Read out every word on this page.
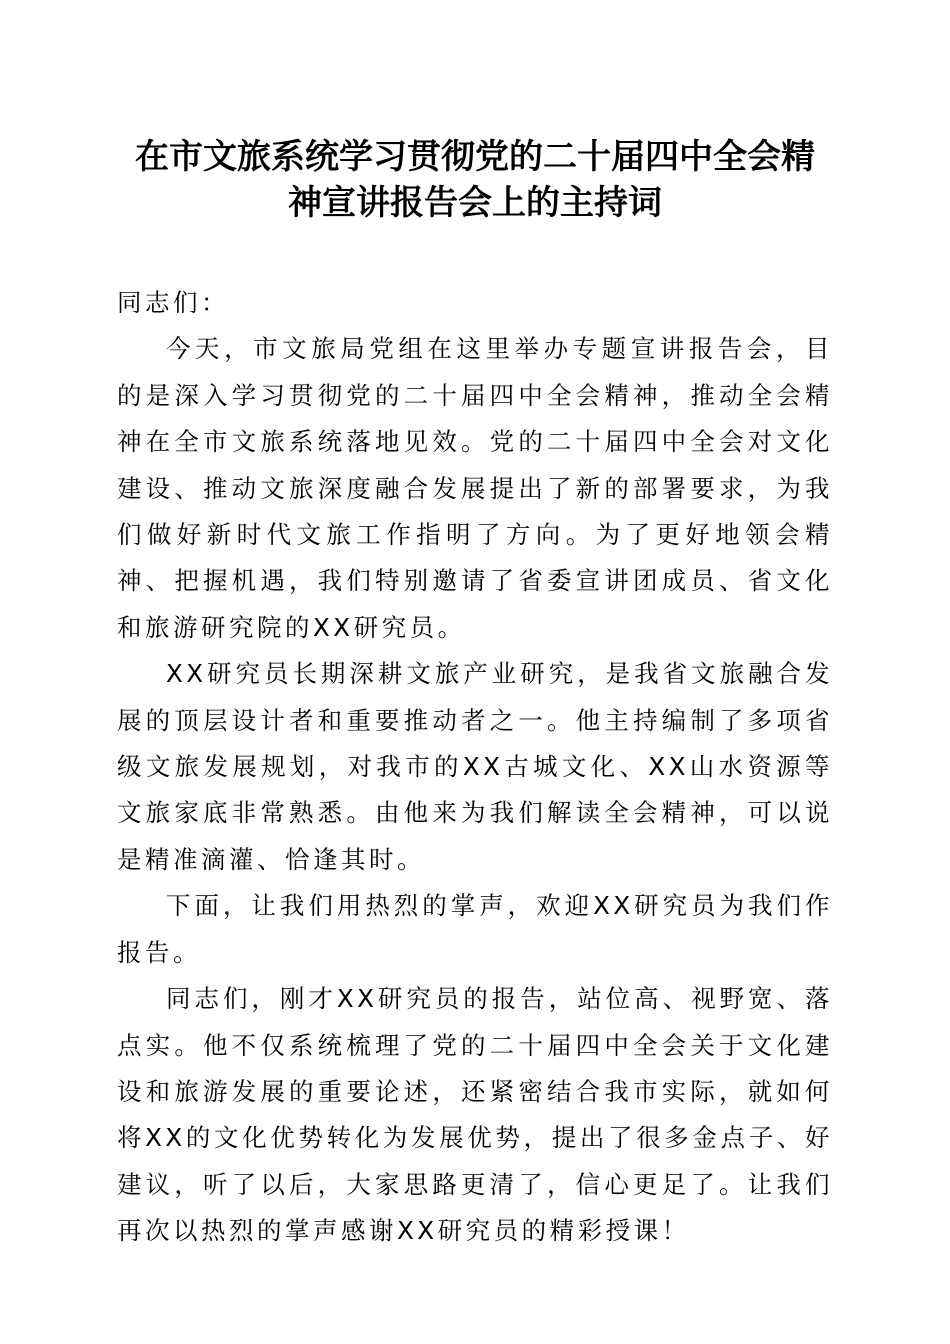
在市文旅系统学习贯彻党的二十届四中全会精
神宣讲报告会上的主持词

同志们：

今天，市文旅局党组在这里举办专题宣讲报告会，目的是深入学习贯彻党的二十届四中全会精神，推动全会精神在全市文旅系统落地见效。党的二十届四中全会对文化建设、推动文旅深度融合发展提出了新的部署要求，为我们做好新时代文旅工作指明了方向。为了更好地领会精神、把握机遇，我们特别邀请了省委宣讲团成员、省文化和旅游研究院的XX研究员。

XX研究员长期深耕文旅产业研究，是我省文旅融合发展的顶层设计者和重要推动者之一。他主持编制了多项省级文旅发展规划，对我市的XX古城文化、XX山水资源等文旅家底非常熟悉。由他来为我们解读全会精神，可以说是精准滴灌、恰逢其时。

下面，让我们用热烈的掌声，欢迎XX研究员为我们作报告。

同志们，刚才XX研究员的报告，站位高、视野宽、落点实。他不仅系统梳理了党的二十届四中全会关于文化建设和旅游发展的重要论述，还紧密结合我市实际，就如何将XX的文化优势转化为发展优势，提出了很多金点子、好建议，听了以后，大家思路更清了，信心更足了。让我们再次以热烈的掌声感谢XX研究员的精彩授课！
